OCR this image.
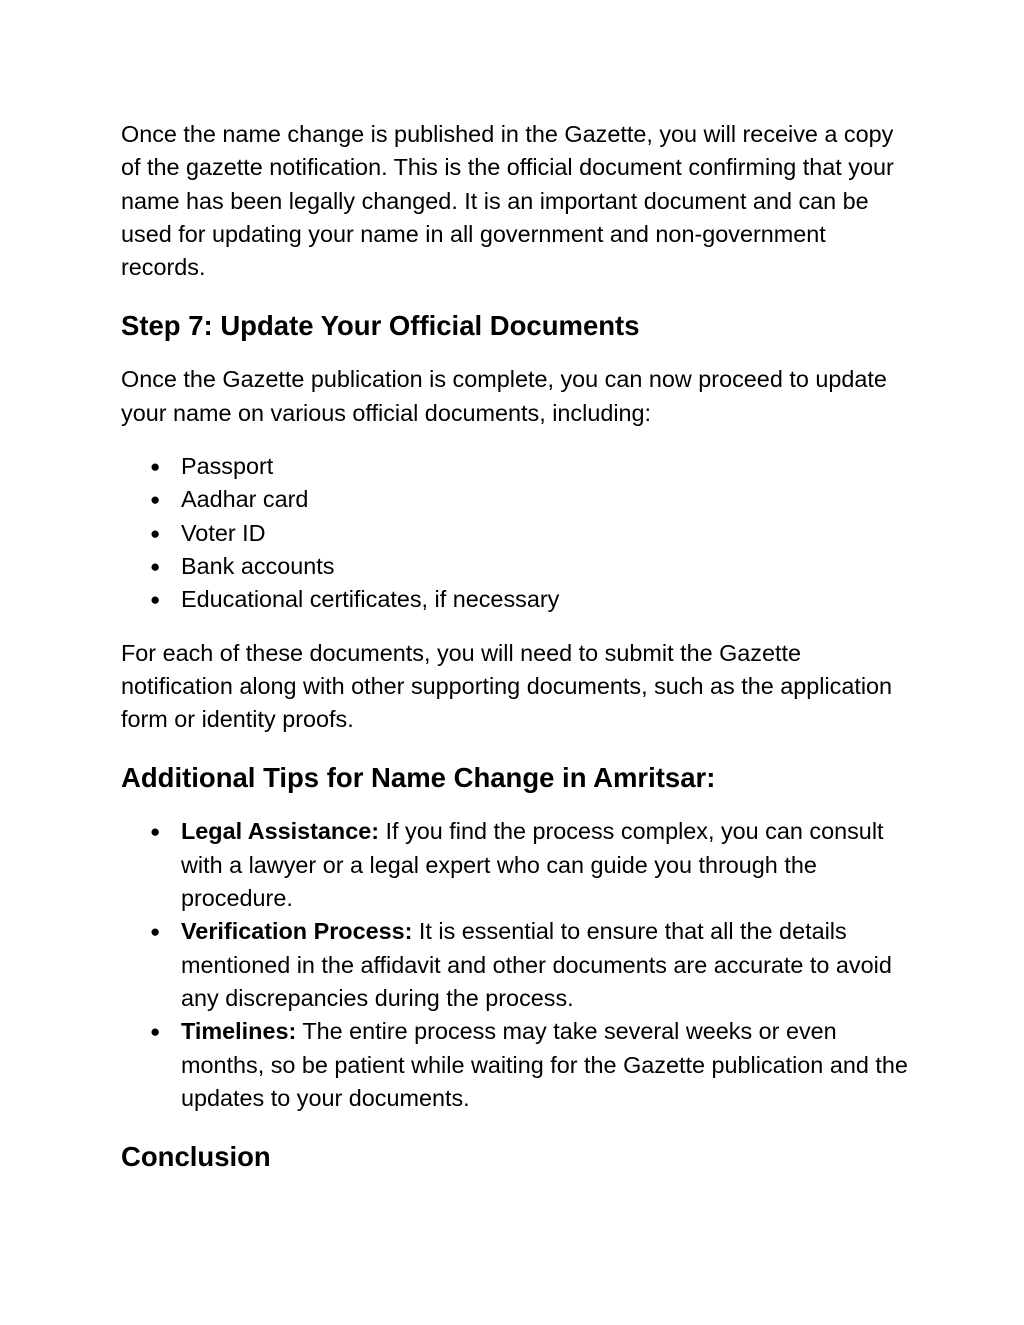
Once the name change is published in the Gazette, you will receive a copy of the gazette notification. This is the official document confirming that your name has been legally changed. It is an important document and can be used for updating your name in all government and non-government records.

Step 7: Update Your Official Documents

Once the Gazette publication is complete, you can now proceed to update your name on various official documents, including:

● Passport
● Aadhar card
● Voter ID
● Bank accounts
● Educational certificates, if necessary

For each of these documents, you will need to submit the Gazette notification along with other supporting documents, such as the application form or identity proofs.

Additional Tips for Name Change in Amritsar:
● Legal Assistance: If you find the process complex, you can consult with a lawyer or a legal expert who can guide you through the procedure.
● Verification Process: It is essential to ensure that all the details mentioned in the affidavit and other documents are accurate to avoid any discrepancies during the process.
● Timelines: The entire process may take several weeks or even months, so be patient while waiting for the Gazette publication and the updates to your documents.
Conclusion
